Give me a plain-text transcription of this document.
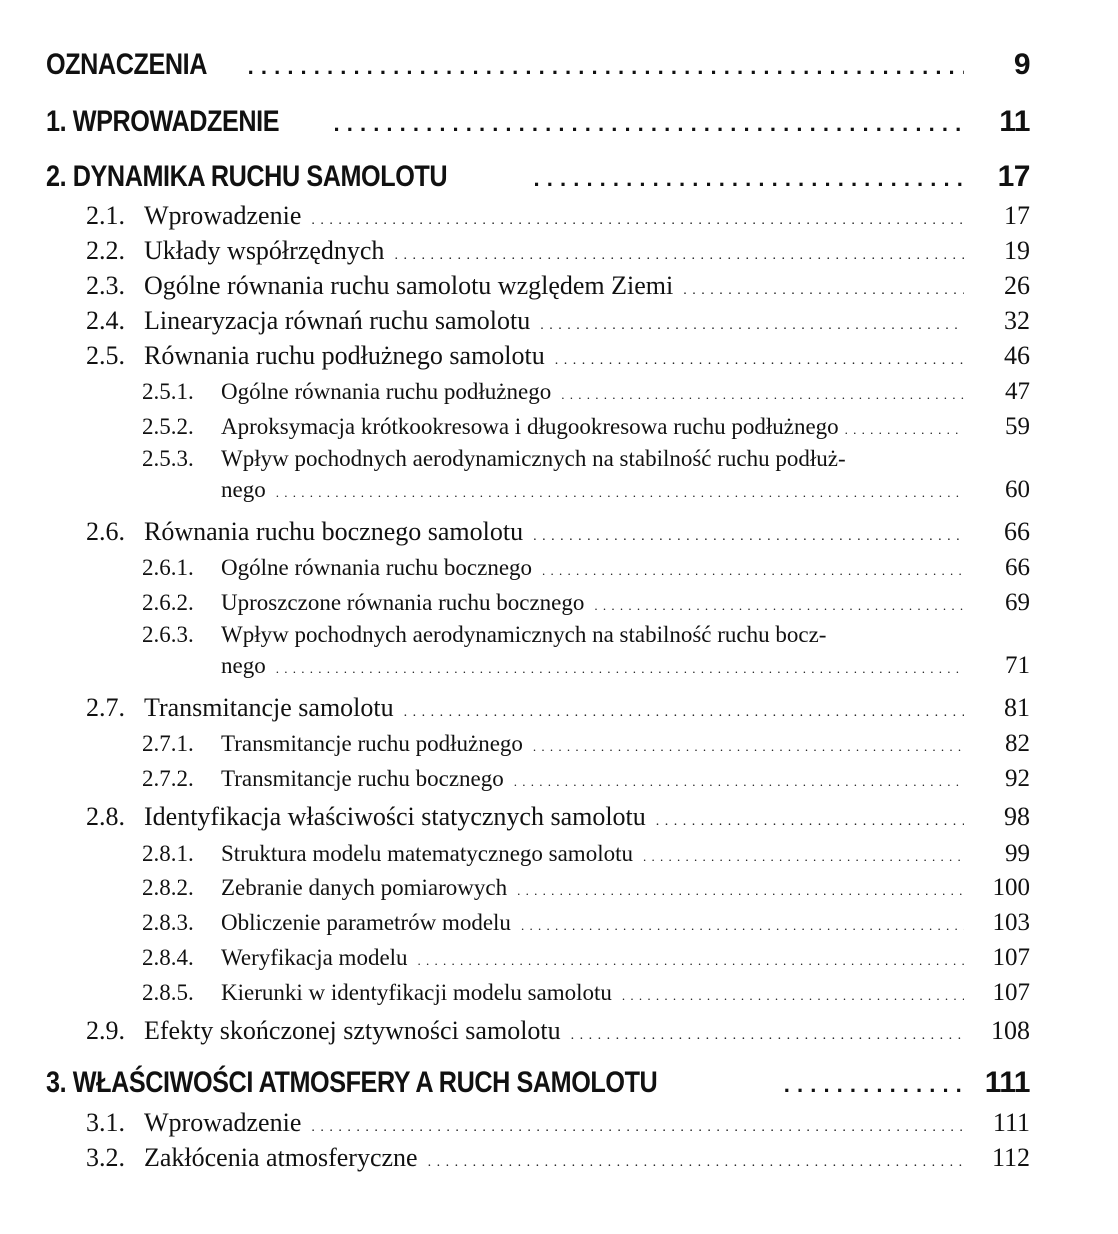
OZNACZENIA . . .	9
1. WPROWADZENIE . . .	11
2. DYNAMIKA RUCHU SAMOLOTU . . .	17
2.1. Wprowadzenie . . .	17
2.2. Układy współrzędnych . . .	19
2.3. Ogólne równania ruchu samolotu względem Ziemi . . .	26
2.4. Linearyzacja równań ruchu samolotu . . .	32
2.5. Równania ruchu podłużnego samolotu . . .	46
2.5.1.	Ogólne równania ruchu podłużnego . . .	47
2.5.2.	Aproksymacja krótkookresowa i długookresowa ruchu podłużnego . . .	59
2.5.3.	Wpływ pochodnych aerodynamicznych na stabilność ruchu podłuż-
nego . . .	60
2.6. Równania ruchu bocznego samolotu . . .	66
2.6.1.	Ogólne równania ruchu bocznego . . .	66
2.6.2.	Uproszczone równania ruchu bocznego . . .	69
2.6.3.	Wpływ pochodnych aerodynamicznych na stabilność ruchu bocz-
nego . . .	71
2.7. Transmitancje samolotu . . .	81
2.7.1.	Transmitancje ruchu podłużnego . . .	82
2.7.2.	Transmitancje ruchu bocznego . . .	92
2.8. Identyfikacja właściwości statycznych samolotu . . .	98
2.8.1.	Struktura modelu matematycznego samolotu . . .	99
2.8.2.	Zebranie danych pomiarowych . . .	100
2.8.3.	Obliczenie parametrów modelu . . .	103
2.8.4.	Weryfikacja modelu . . .	107
2.8.5.	Kierunki w identyfikacji modelu samolotu . . .	107
2.9. Efekty skończonej sztywności samolotu . . .	108
3. WŁAŚCIWOŚCI ATMOSFERY A RUCH SAMOLOTU . . .	111
3.1. Wprowadzenie . . .	111
3.2. Zakłócenia atmosferyczne . . .	112
